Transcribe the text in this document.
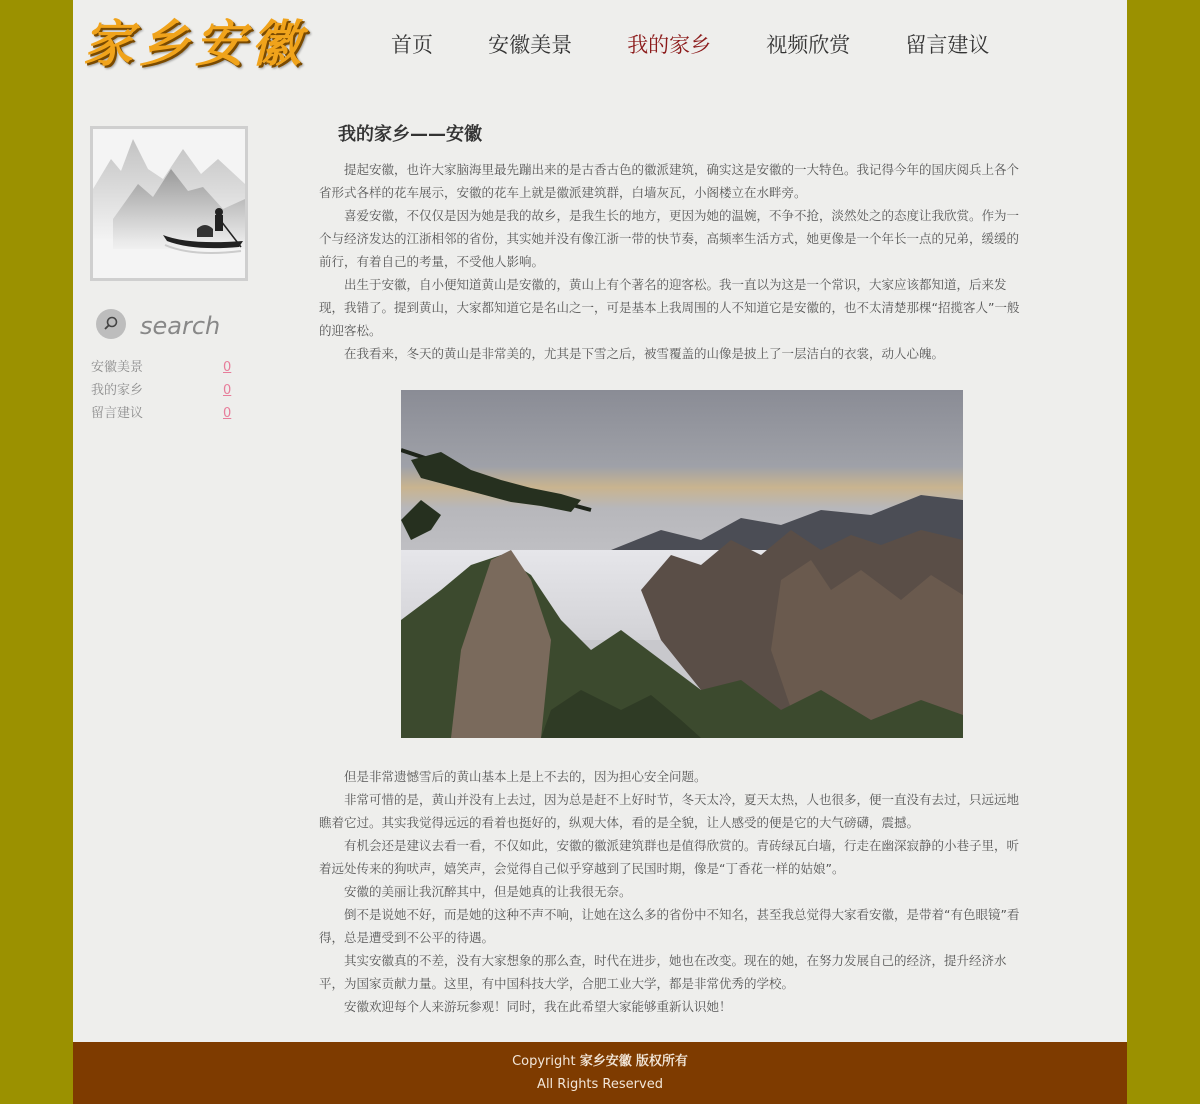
家乡安徽	首页	安徽美景	我的家乡	视频欣赏	留言建议
search
安徽美景	0
我的家乡	0
留言建议	0
我的家乡——安徽

提起安徽，也许大家脑海里最先蹦出来的是古香古色的徽派建筑，确实这是安徽的一大特色。我记得今年的国庆阅兵上各个省形式各样的花车展示，安徽的花车上就是徽派建筑群，白墙灰瓦，小阁楼立在水畔旁。

喜爱安徽，不仅仅是因为她是我的故乡，是我生长的地方，更因为她的温婉，不争不抢，淡然处之的态度让我欣赏。作为一个与经济发达的江浙相邻的省份，其实她并没有像江浙一带的快节奏，高频率生活方式，她更像是一个年长一点的兄弟，缓缓的前行，有着自己的考量，不受他人影响。

出生于安徽，自小便知道黄山是安徽的，黄山上有个著名的迎客松。我一直以为这是一个常识，大家应该都知道，后来发现，我错了。提到黄山，大家都知道它是名山之一，可是基本上我周围的人不知道它是安徽的，也不太清楚那棵“招揽客人”一般的迎客松。

在我看来，冬天的黄山是非常美的，尤其是下雪之后，被雪覆盖的山像是披上了一层洁白的衣裳，动人心魄。

但是非常遗憾雪后的黄山基本上是上不去的，因为担心安全问题。

非常可惜的是，黄山并没有上去过，因为总是赶不上好时节，冬天太冷，夏天太热，人也很多，便一直没有去过，只远远地瞧着它过。其实我觉得远远的看着也挺好的，纵观大体，看的是全貌，让人感受的便是它的大气磅礴，震撼。

有机会还是建议去看一看，不仅如此，安徽的徽派建筑群也是值得欣赏的。青砖绿瓦白墙，行走在幽深寂静的小巷子里，听着远处传来的狗吠声，嬉笑声，会觉得自己似乎穿越到了民国时期，像是“丁香花一样的姑娘”。

安徽的美丽让我沉醉其中，但是她真的让我很无奈。

倒不是说她不好，而是她的这种不声不响，让她在这么多的省份中不知名，甚至我总觉得大家看安徽，是带着“有色眼镜”看得，总是遭受到不公平的待遇。

其实安徽真的不差，没有大家想象的那么查，时代在进步，她也在改变。现在的她，在努力发展自己的经济，提升经济水平，为国家贡献力量。这里，有中国科技大学，合肥工业大学，都是非常优秀的学校。

安徽欢迎每个人来游玩参观！同时，我在此希望大家能够重新认识她！

Copyright 家乡安徽 版权所有
All Rights Reserved
